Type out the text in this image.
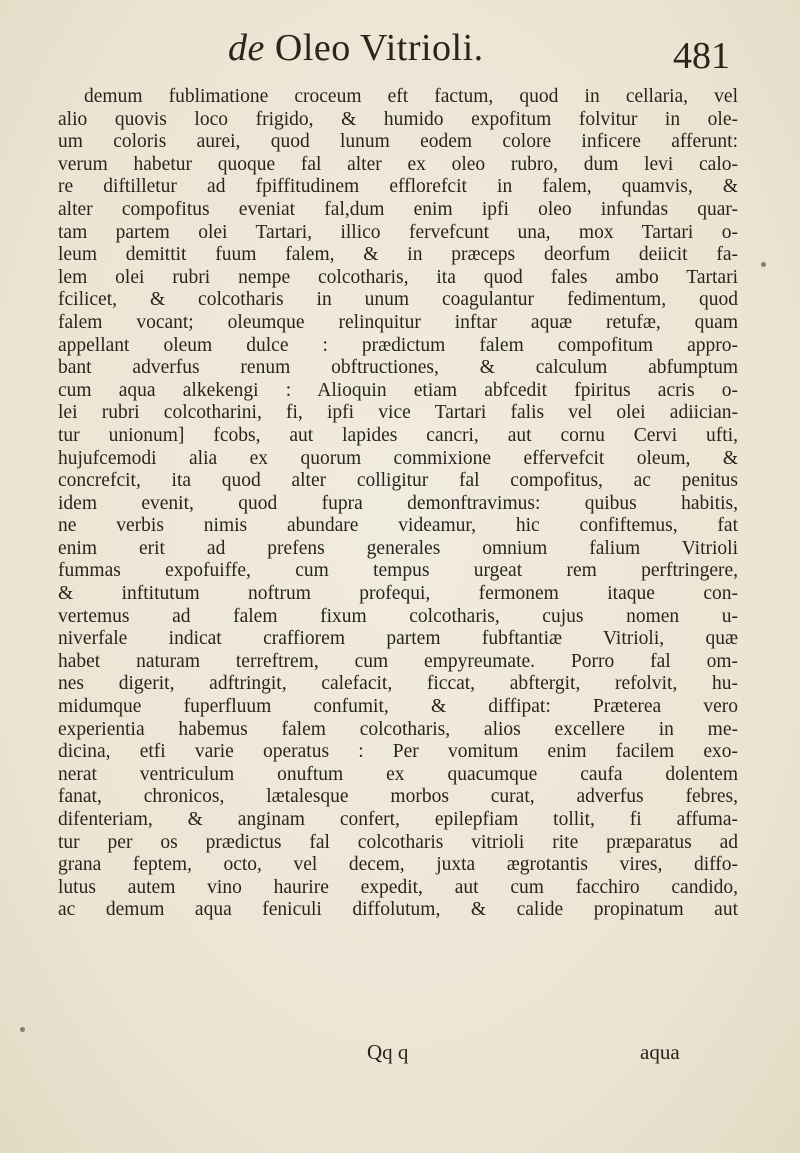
de Oleo Vitrioli.	481
demum fublimatione croceum eft factum, quod in cellaria, vel
alio quovis loco frigido, & humido expofitum folvitur in ole-
um coloris aurei, quod lunum eodem colore inficere afferunt:
verum habetur quoque fal alter ex oleo rubro, dum levi calo-
re diftilletur ad fpiffitudinem efflorefcit in falem, quamvis, &
alter compofitus eveniat fal,dum enim ipfi oleo infundas quar-
tam partem olei Tartari, illico fervefcunt una, mox Tartari o-
leum demittit fuum falem, & in præceps deorfum deiicit fa-
lem olei rubri nempe colcotharis, ita quod fales ambo Tartari
fcilicet, & colcotharis in unum coagulantur fedimentum, quod
falem vocant; oleumque relinquitur inftar aquæ retufæ, quam
appellant oleum dulce : prædictum falem compofitum appro-
bant adverfus renum obftructiones, & calculum abfumptum
cum aqua alkekengi : Alioquin etiam abfcedit fpiritus acris o-
lei rubri colcotharini, fi, ipfi vice Tartari falis vel olei adiician-
tur unionum] fcobs, aut lapides cancri, aut cornu Cervi ufti,
hujufcemodi alia ex quorum commixione effervefcit oleum, &
concrefcit, ita quod alter colligitur fal compofitus, ac penitus
idem evenit, quod fupra demonftravimus: quibus habitis,
ne verbis nimis abundare videamur, hic confiftemus, fat
enim erit ad prefens generales omnium falium Vitrioli
fummas expofuiffe, cum tempus urgeat rem perftringere,
& inftitutum noftrum profequi, fermonem itaque con-
vertemus ad falem fixum colcotharis, cujus nomen u-
niverfale indicat craffiorem partem fubftantiæ Vitrioli, quæ
habet naturam terreftrem, cum empyreumate. Porro fal om-
nes digerit, adftringit, calefacit, ficcat, abftergit, refolvit, hu-
midumque fuperfluum confumit, & diffipat: Præterea vero
experientia habemus falem colcotharis, alios excellere in me-
dicina, etfi varie operatus : Per vomitum enim facilem exo-
nerat ventriculum onuftum ex quacumque caufa dolentem
fanat, chronicos, lætalesque morbos curat, adverfus febres,
difenteriam, & anginam confert, epilepfiam tollit, fi affuma-
tur per os prædictus fal colcotharis vitrioli rite præparatus ad
grana feptem, octo, vel decem, juxta ægrotantis vires, diffo-
lutus autem vino haurire expedit, aut cum facchiro candido,
ac demum aqua feniculi diffolutum, & calide propinatum aut
Qq q	aqua
